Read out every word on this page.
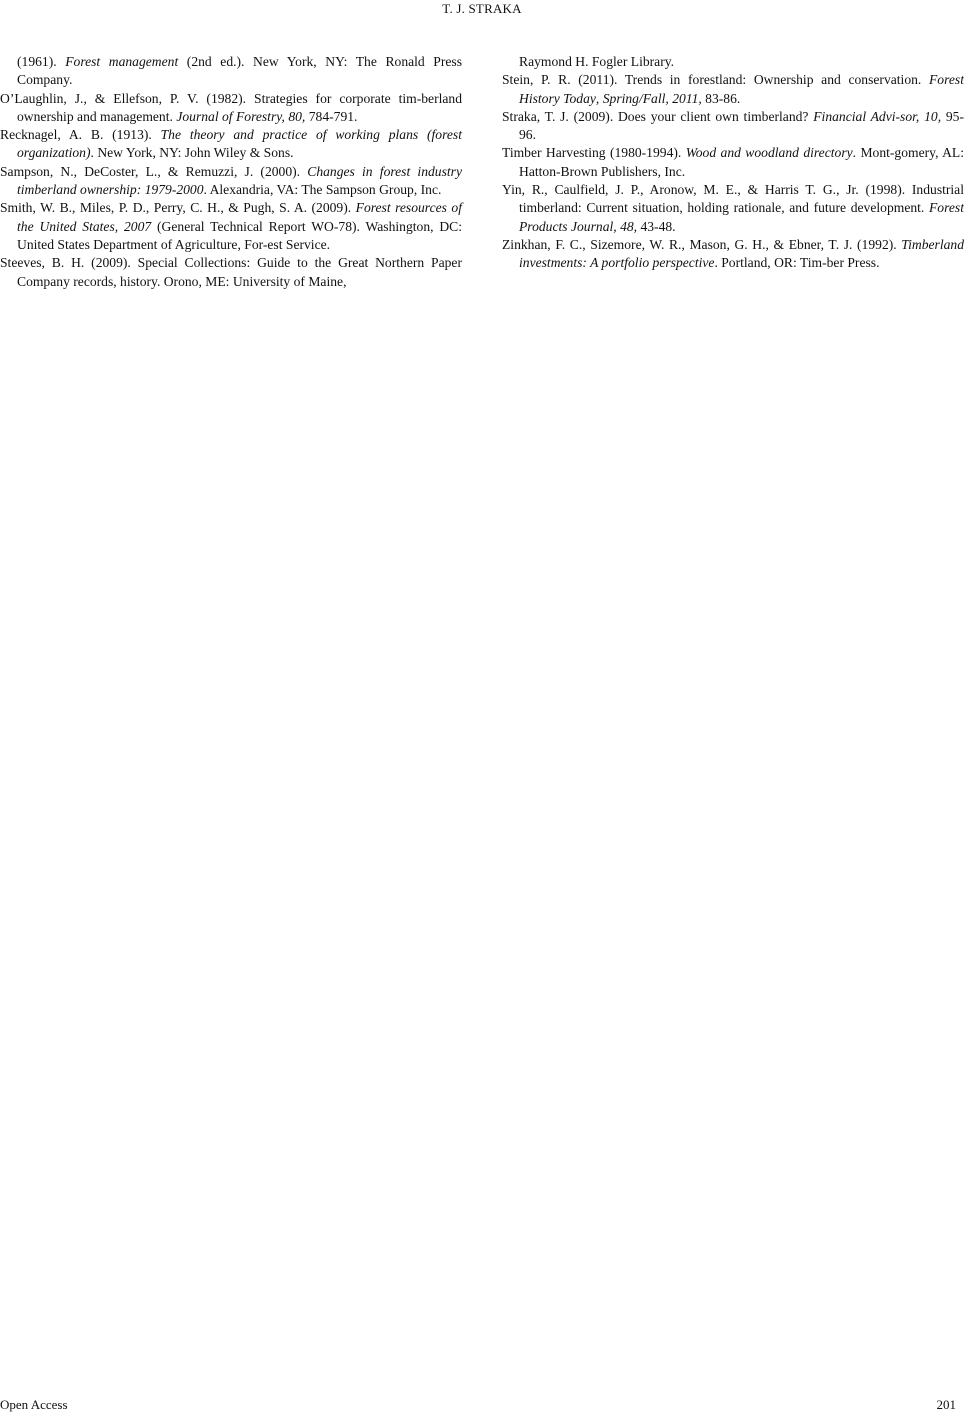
T. J. STRAKA

(1961). Forest management (2nd ed.). New York, NY: The Ronald Press Company.

O’Laughlin, J., & Ellefson, P. V. (1982). Strategies for corporate tim-berland ownership and management. Journal of Forestry, 80, 784-791.

Recknagel, A. B. (1913). The theory and practice of working plans (forest organization). New York, NY: John Wiley & Sons.

Sampson, N., DeCoster, L., & Remuzzi, J. (2000). Changes in forest industry timberland ownership: 1979-2000. Alexandria, VA: The Sampson Group, Inc.

Smith, W. B., Miles, P. D., Perry, C. H., & Pugh, S. A. (2009). Forest resources of the United States, 2007 (General Technical Report WO-78). Washington, DC: United States Department of Agriculture, For-est Service.

Steeves, B. H. (2009). Special Collections: Guide to the Great Northern Paper Company records, history. Orono, ME: University of Maine,

Raymond H. Fogler Library.

Stein, P. R. (2011). Trends in forestland: Ownership and conservation. Forest History Today, Spring/Fall, 2011, 83-86.

Straka, T. J. (2009). Does your client own timberland? Financial Advi-sor, 10, 95-96.

Timber Harvesting (1980-1994). Wood and woodland directory. Mont-gomery, AL: Hatton-Brown Publishers, Inc.

Yin, R., Caulfield, J. P., Aronow, M. E., & Harris T. G., Jr. (1998). Industrial timberland: Current situation, holding rationale, and future development. Forest Products Journal, 48, 43-48.

Zinkhan, F. C., Sizemore, W. R., Mason, G. H., & Ebner, T. J. (1992). Timberland investments: A portfolio perspective. Portland, OR: Tim-ber Press.

Open Access	201
